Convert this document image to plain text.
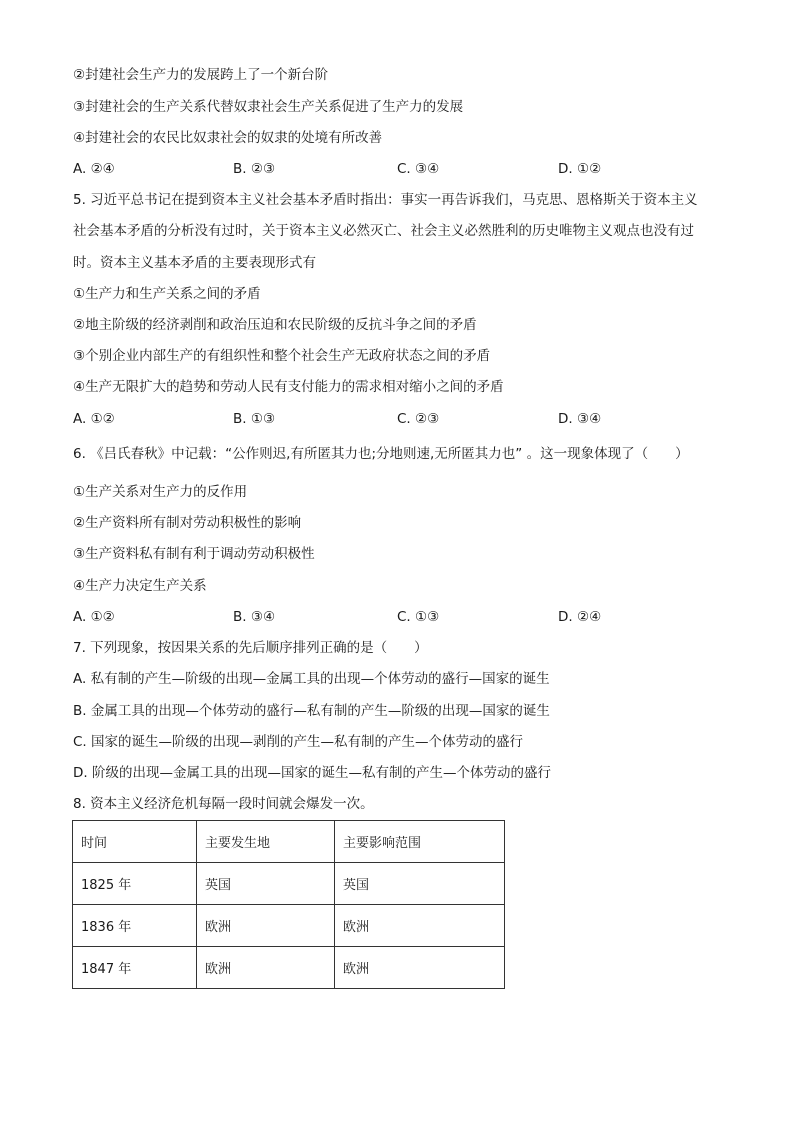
②封建社会生产力的发展跨上了一个新台阶
③封建社会的生产关系代替奴隶社会生产关系促进了生产力的发展
④封建社会的农民比奴隶社会的奴隶的处境有所改善
A. ②④	B. ②③	C. ③④	D. ①②
5. 习近平总书记在提到资本主义社会基本矛盾时指出：事实一再告诉我们，马克思、恩格斯关于资本主义
社会基本矛盾的分析没有过时，关于资本主义必然灭亡、社会主义必然胜利的历史唯物主义观点也没有过
时。资本主义基本矛盾的主要表现形式有
①生产力和生产关系之间的矛盾
②地主阶级的经济剥削和政治压迫和农民阶级的反抗斗争之间的矛盾
③个别企业内部生产的有组织性和整个社会生产无政府状态之间的矛盾
④生产无限扩大的趋势和劳动人民有支付能力的需求相对缩小之间的矛盾
A. ①②	B. ①③	C. ②③	D. ③④
6. 《吕氏春秋》中记载：“公作则迟,有所匿其力也;分地则速,无所匿其力也” 。这一现象体现了（　　）
①生产关系对生产力的反作用
②生产资料所有制对劳动积极性的影响
③生产资料私有制有利于调动劳动积极性
④生产力决定生产关系
A. ①②	B. ③④	C. ①③	D. ②④
7. 下列现象，按因果关系的先后顺序排列正确的是（　　）
A. 私有制的产生—阶级的出现—金属工具的出现—个体劳动的盛行—国家的诞生
B. 金属工具的出现—个体劳动的盛行—私有制的产生—阶级的出现—国家的诞生
C. 国家的诞生—阶级的出现—剥削的产生—私有制的产生—个体劳动的盛行
D. 阶级的出现—金属工具的出现—国家的诞生—私有制的产生—个体劳动的盛行
8. 资本主义经济危机每隔一段时间就会爆发一次。
时间	主要发生地	主要影响范围
1825 年	英国	英国
1836 年	欧洲	欧洲
1847 年	欧洲	欧洲
